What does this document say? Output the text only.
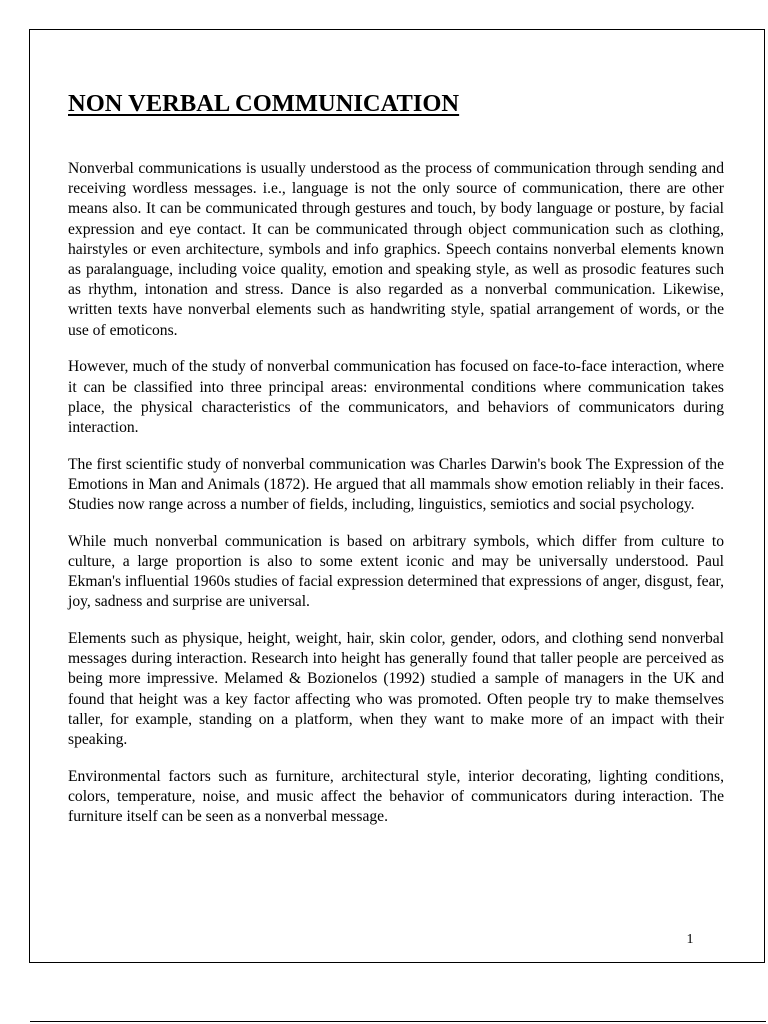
NON VERBAL COMMUNICATION

Nonverbal communications is usually understood as the process of communication through sending and receiving wordless messages. i.e., language is not the only source of communication, there are other means also. It can be communicated through gestures and touch, by body language or posture, by facial expression and eye contact. It can be communicated through object communication such as clothing, hairstyles or even architecture, symbols and info graphics. Speech contains nonverbal elements known as paralanguage, including voice quality, emotion and speaking style, as well as prosodic features such as rhythm, intonation and stress. Dance is also regarded as a nonverbal communication. Likewise, written texts have nonverbal elements such as handwriting style, spatial arrangement of words, or the use of emoticons.

However, much of the study of nonverbal communication has focused on face-to-face interaction, where it can be classified into three principal areas: environmental conditions where communication takes place, the physical characteristics of the communicators, and behaviors of communicators during interaction.

The first scientific study of nonverbal communication was Charles Darwin's book The Expression of the Emotions in Man and Animals (1872). He argued that all mammals show emotion reliably in their faces. Studies now range across a number of fields, including, linguistics, semiotics and social psychology.

While much nonverbal communication is based on arbitrary symbols, which differ from culture to culture, a large proportion is also to some extent iconic and may be universally understood. Paul Ekman's influential 1960s studies of facial expression determined that expressions of anger, disgust, fear, joy, sadness and surprise are universal.

Elements such as physique, height, weight, hair, skin color, gender, odors, and clothing send nonverbal messages during interaction. Research into height has generally found that taller people are perceived as being more impressive. Melamed & Bozionelos (1992) studied a sample of managers in the UK and found that height was a key factor affecting who was promoted. Often people try to make themselves taller, for example, standing on a platform, when they want to make more of an impact with their speaking.

Environmental factors such as furniture, architectural style, interior decorating, lighting conditions, colors, temperature, noise, and music affect the behavior of communicators during interaction. The furniture itself can be seen as a nonverbal message.

1
